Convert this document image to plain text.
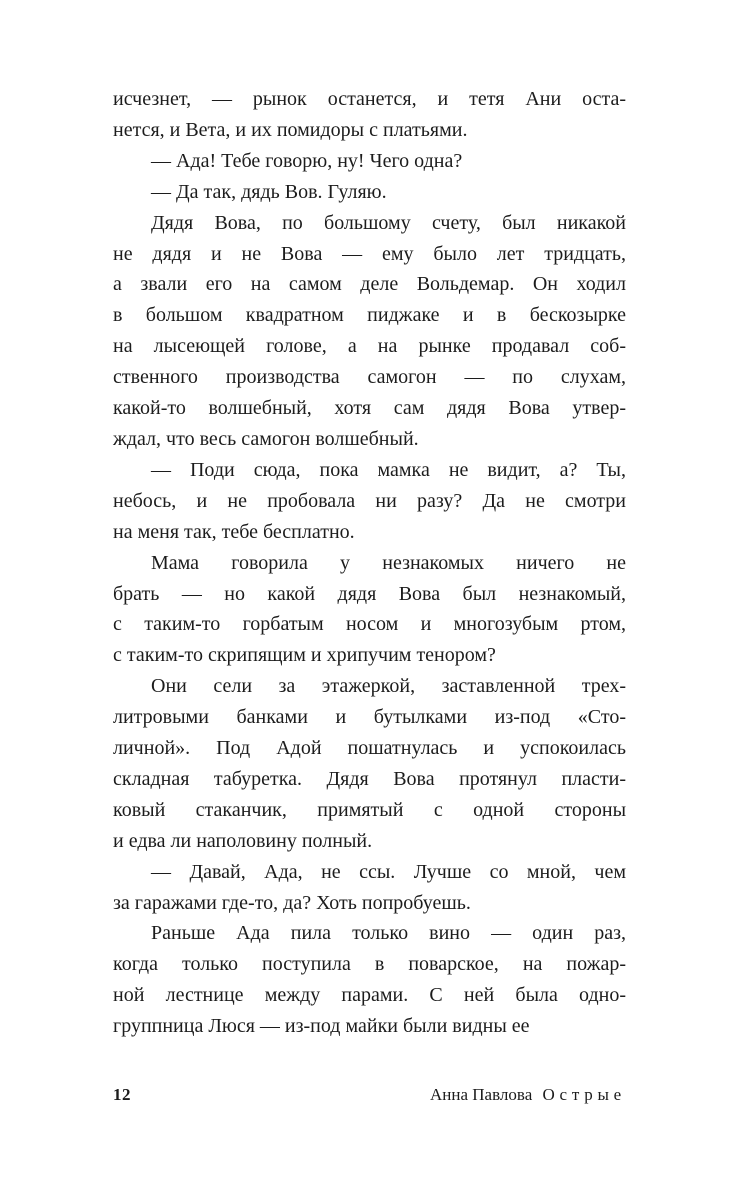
исчезнет, — рынок останется, и тетя Ани оста-
нется, и Вета, и их помидоры с платьями.
— Ада! Тебе говорю, ну! Чего одна?
— Да так, дядь Вов. Гуляю.
Дядя Вова, по большому счету, был никакой
не дядя и не Вова — ему было лет тридцать,
а звали его на самом деле Вольдемар. Он ходил
в большом квадратном пиджаке и в бескозырке
на лысеющей голове, а на рынке продавал соб-
ственного производства самогон — по слухам,
какой-то волшебный, хотя сам дядя Вова утвер-
ждал, что весь самогон волшебный.
— Поди сюда, пока мамка не видит, а? Ты,
небось, и не пробовала ни разу? Да не смотри
на меня так, тебе бесплатно.
Мама говорила у незнакомых ничего не
брать — но какой дядя Вова был незнакомый,
с таким-то горбатым носом и многозубым ртом,
с таким-то скрипящим и хрипучим тенором?
Они сели за этажеркой, заставленной трех-
литровыми банками и бутылками из-под «Сто-
личной». Под Адой пошатнулась и успокоилась
складная табуретка. Дядя Вова протянул пласти-
ковый стаканчик, примятый с одной стороны
и едва ли наполовину полный.
— Давай, Ада, не ссы. Лучше со мной, чем
за гаражами где-то, да? Хоть попробуешь.
Раньше Ада пила только вино — один раз,
когда только поступила в поварское, на пожар-
ной лестнице между парами. С ней была одно-
группница Люся — из-под майки были видны ее
12	Анна Павлова Острые
